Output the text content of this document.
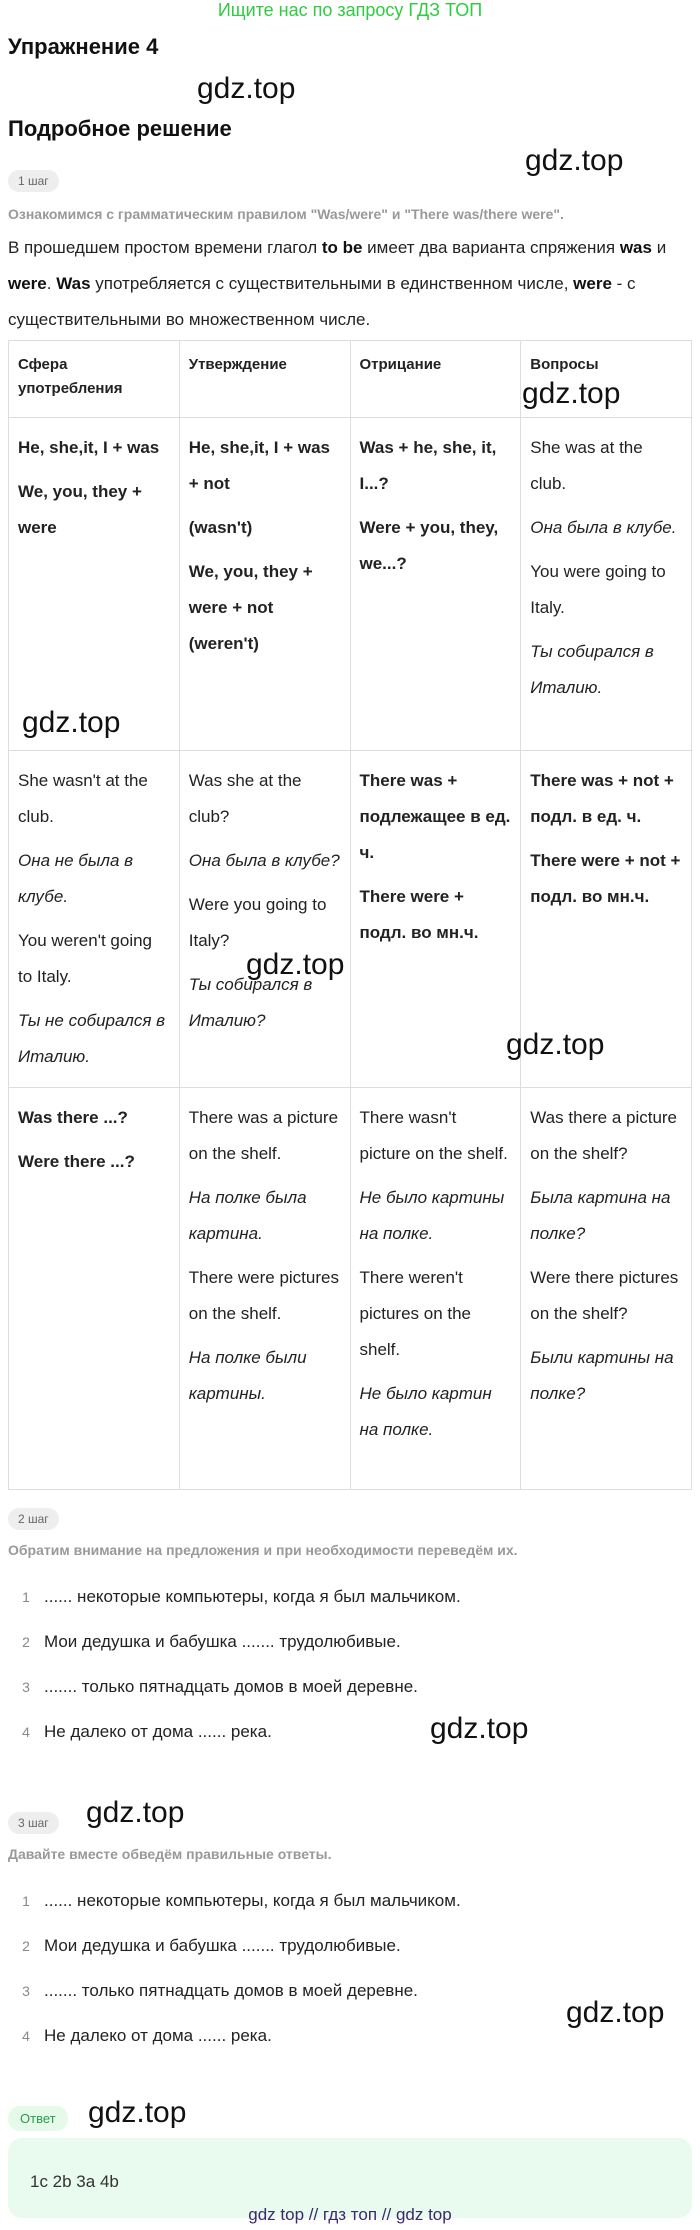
Ищите нас по запросу ГДЗ ТОП
Упражнение 4
Подробное решение
1 шаг
Ознакомимся с грамматическим правилом "Was/were" и "There was/there were".
В прошедшем простом времени глагол to be имеет два варианта спряжения was и were. Was употребляется с существительными в единственном числе, were - с существительными во множественном числе.
Сфера употребления	Утверждение	Отрицание	Вопросы

He, she,it, I + was
We, you, they + were	He, she,it, I + was + not
(wasn't)
We, you, they + were + not (weren't)	Was + he, she, it, I...?
Were + you, they, we...?	She was at the club.
Она была в клубе.
You were going to Italy.
Ты собирался в Италию.

She wasn't at the club.
Она не была в клубе.
You weren't going to Italy.
Ты не собирался в Италию.	Was she at the club?
Она была в клубе?
Were you going to Italy?
Ты собирался в Италию?	There was + подлежащее в ед. ч.
There were + подл. во мн.ч.	There was + not + подл. в ед. ч.
There were + not + подл. во мн.ч.

Was there ...?
Were there ...?	There was a picture on the shelf.
На полке была картина.
There were pictures on the shelf.
На полке были картины.	There wasn't picture on the shelf.
Не было картины на полке.
There weren't pictures on the shelf.
Не было картин на полке.	Was there a picture on the shelf?
Была картина на полке?
Were there pictures on the shelf?
Были картины на полке?
2 шаг
Обратим внимание на предложения и при необходимости переведём их.
1 ...... некоторые компьютеры, когда я был мальчиком.
2 Мои дедушка и бабушка ....... трудолюбивые.
3 ....... только пятнадцать домов в моей деревне.
4 Не далеко от дома ...... река.
3 шаг
Давайте вместе обведём правильные ответы.
1 ...... некоторые компьютеры, когда я был мальчиком.
2 Мои дедушка и бабушка ....... трудолюбивые.
3 ....... только пятнадцать домов в моей деревне.
4 Не далеко от дома ...... река.
Ответ
1c 2b 3a 4b
gdz top // гдз топ // gdz top
gdz.top
gdz.top
gdz.top
gdz.top
gdz.top
gdz.top
gdz.top
gdz.top
gdz.top
gdz.top
